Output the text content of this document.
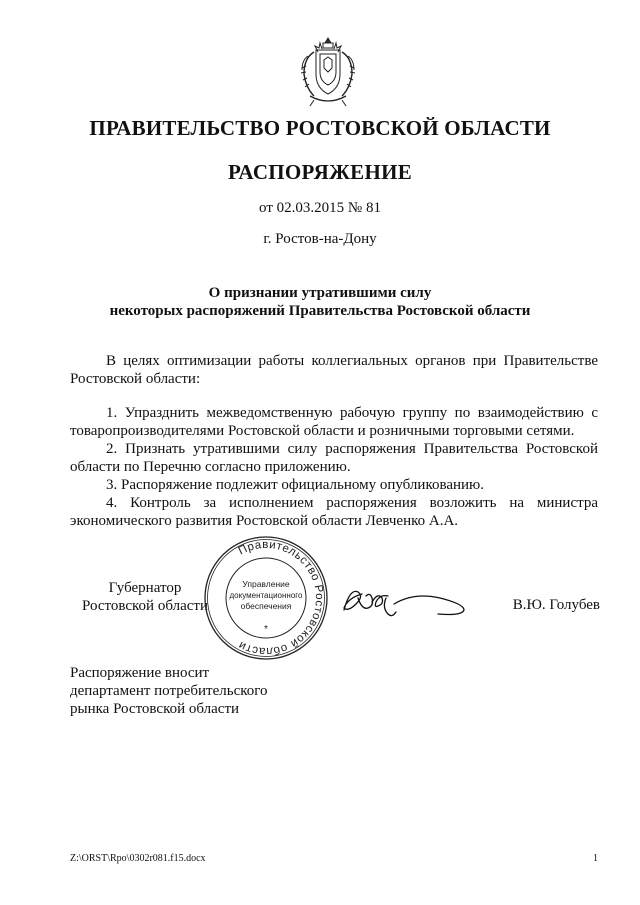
ПРАВИТЕЛЬСТВО РОСТОВСКОЙ ОБЛАСТИ
РАСПОРЯЖЕНИЕ
от 02.03.2015 № 81
г. Ростов-на-Дону
О признании утратившими силу
некоторых распоряжений Правительства Ростовской области

В целях оптимизации работы коллегиальных органов при Правительстве Ростовской области:

1. Упразднить межведомственную рабочую группу по взаимодействию с товаропроизводителями Ростовской области и розничными торговыми сетями.

2. Признать утратившими силу распоряжения Правительства Ростовской области по Перечню согласно приложению.

3. Распоряжение подлежит официальному опубликованию.

4. Контроль за исполнением распоряжения возложить на министра экономического развития Ростовской области Левченко А.А.

Губернатор
Ростовской области
Правительство Ростовской области
Управление
документационного
обеспечения
*
В.Ю. Голубев
Распоряжение вносит
департамент потребительского
рынка Ростовской области
Z:\ORST\Rpo\0302r081.f15.docx	1
